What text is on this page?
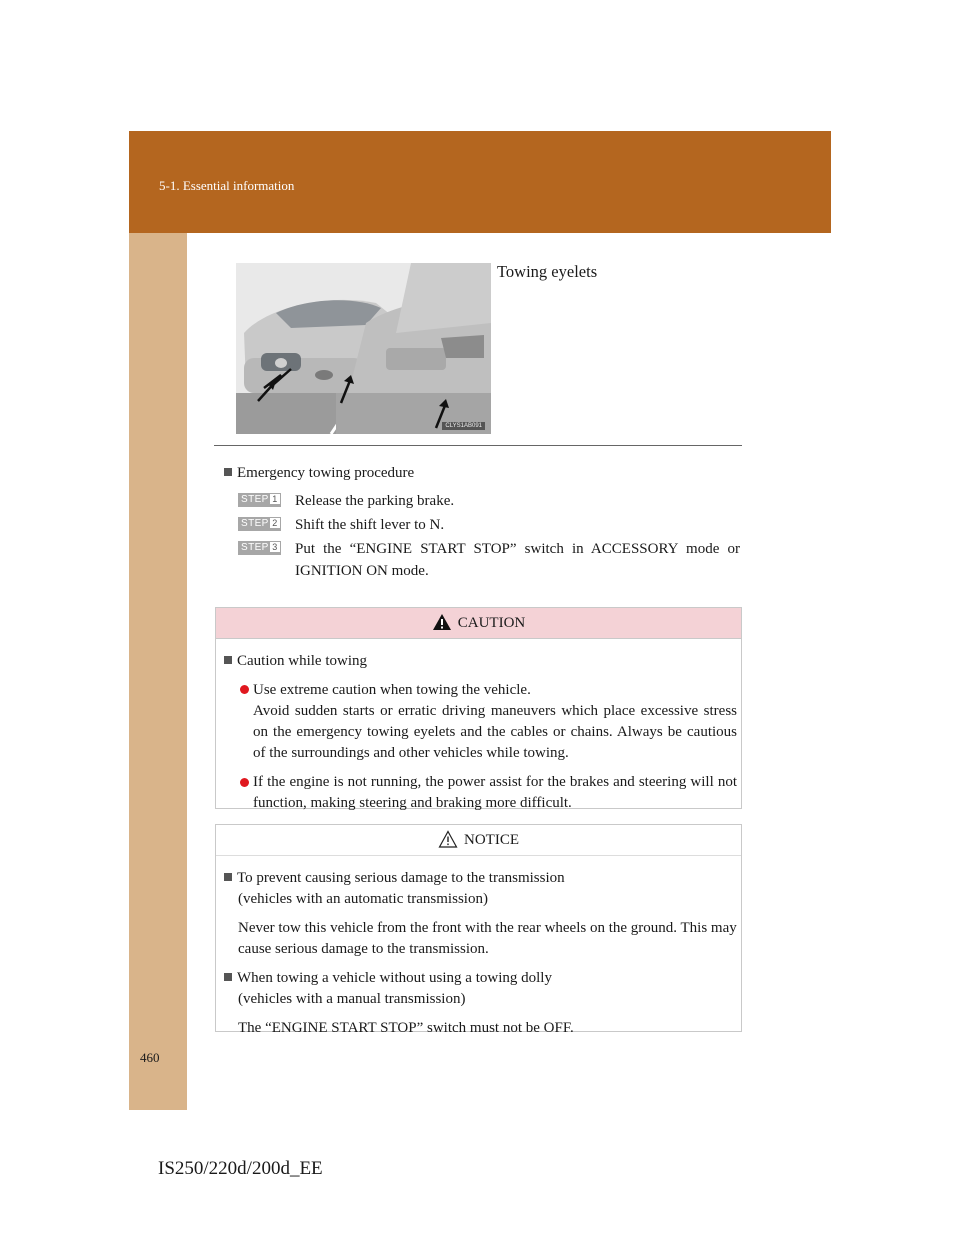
5-1. Essential information
CLYS1AB091
Towing eyelets
Emergency towing procedure
STEP 1 Release the parking brake.
STEP 2 Shift the shift lever to N.
STEP 3 Put the “ENGINE START STOP” switch in ACCESSORY mode or IGNITION ON mode.
CAUTION
Caution while towing
Use extreme caution when towing the vehicle.
Avoid sudden starts or erratic driving maneuvers which place excessive stress on the emergency towing eyelets and the cables or chains. Always be cautious of the surroundings and other vehicles while towing.
If the engine is not running, the power assist for the brakes and steering will not function, making steering and braking more difficult.
NOTICE
To prevent causing serious damage to the transmission
(vehicles with an automatic transmission)
Never tow this vehicle from the front with the rear wheels on the ground. This may cause serious damage to the transmission.
When towing a vehicle without using a towing dolly
(vehicles with a manual transmission)
The “ENGINE START STOP” switch must not be OFF.
460
IS250/220d/200d_EE
